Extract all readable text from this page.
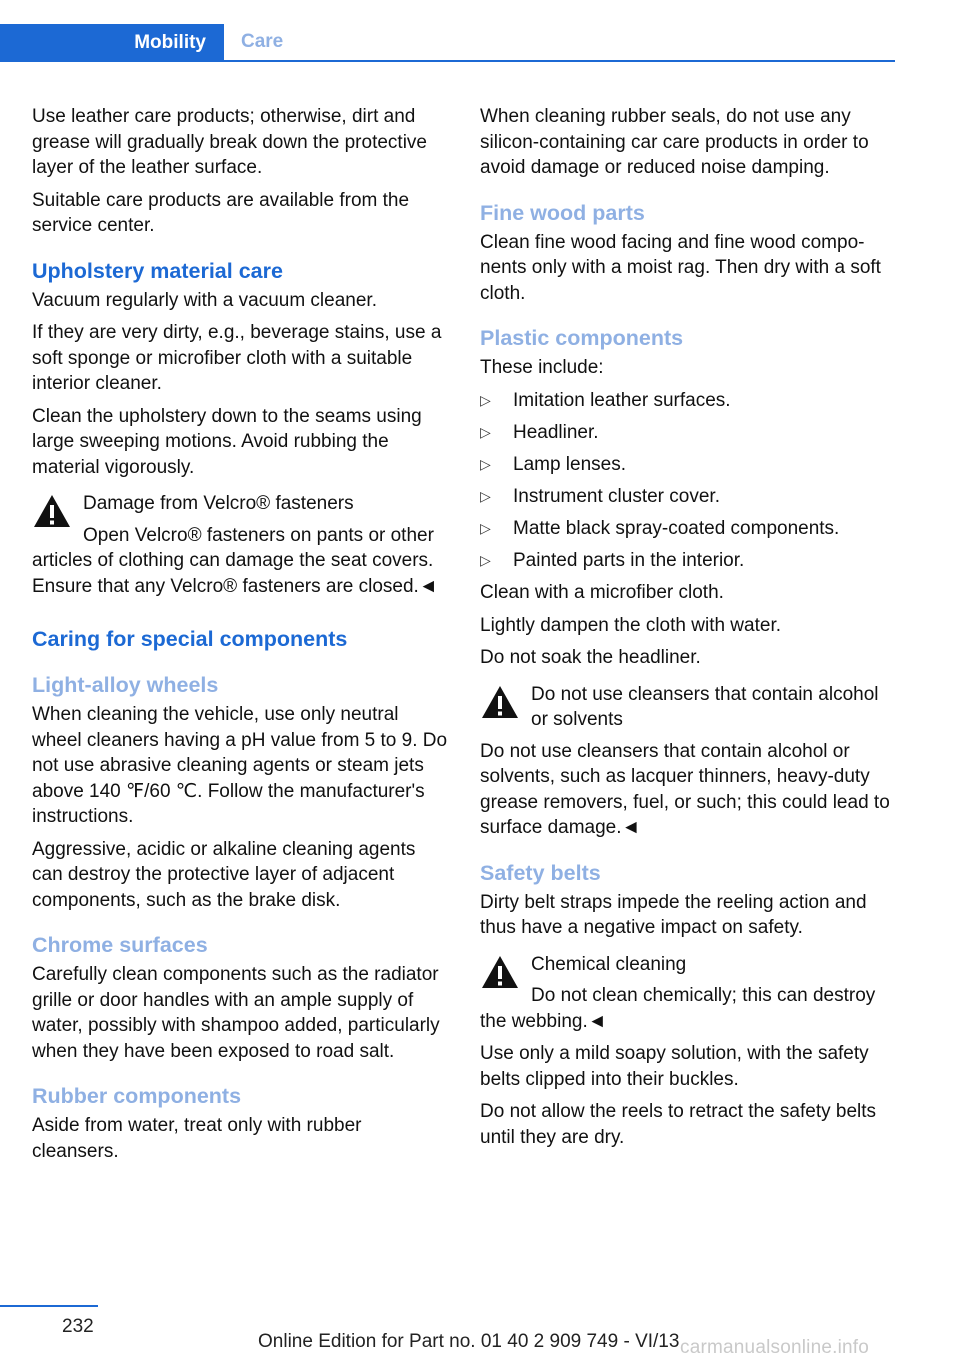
Mobility	Care

Use leather care products; otherwise, dirt and grease will gradually break down the protective layer of the leather surface.

Suitable care products are available from the service center.

Upholstery material care

Vacuum regularly with a vacuum cleaner.

If they are very dirty, e.g., beverage stains, use a soft sponge or microfiber cloth with a suitable interior cleaner.

Clean the upholstery down to the seams using large sweeping motions. Avoid rubbing the material vigorously.

Damage from Velcro® fasteners

Open Velcro® fasteners on pants or other articles of clothing can damage the seat covers. Ensure that any Velcro® fasteners are closed.◄

Caring for special components
Light-alloy wheels

When cleaning the vehicle, use only neutral wheel cleaners having a pH value from 5 to 9. Do not use abrasive cleaning agents or steam jets above 140 ℉/60 ℃. Follow the manufacturer's instructions.

Aggressive, acidic or alkaline cleaning agents can destroy the protective layer of adjacent components, such as the brake disk.

Chrome surfaces

Carefully clean components such as the radiator grille or door handles with an ample supply of water, possibly with shampoo added, particularly when they have been exposed to road salt.

Rubber components

Aside from water, treat only with rubber cleansers.

When cleaning rubber seals, do not use any silicon-containing car care products in order to avoid damage or reduced noise damping.

Fine wood parts

Clean fine wood facing and fine wood components only with a moist rag. Then dry with a soft cloth.

Plastic components

These include:

▷ Imitation leather surfaces.
▷ Headliner.
▷ Lamp lenses.
▷ Instrument cluster cover.
▷ Matte black spray-coated components.
▷ Painted parts in the interior.

Clean with a microfiber cloth.

Lightly dampen the cloth with water.

Do not soak the headliner.

Do not use cleansers that contain alcohol or solvents

Do not use cleansers that contain alcohol or solvents, such as lacquer thinners, heavy-duty grease removers, fuel, or such; this could lead to surface damage.◄

Safety belts

Dirty belt straps impede the reeling action and thus have a negative impact on safety.

Chemical cleaning

Do not clean chemically; this can destroy the webbing.◄

Use only a mild soapy solution, with the safety belts clipped into their buckles.

Do not allow the reels to retract the safety belts until they are dry.

232
Online Edition for Part no. 01 40 2 909 749 - VI/13 carmanualsonline.info
